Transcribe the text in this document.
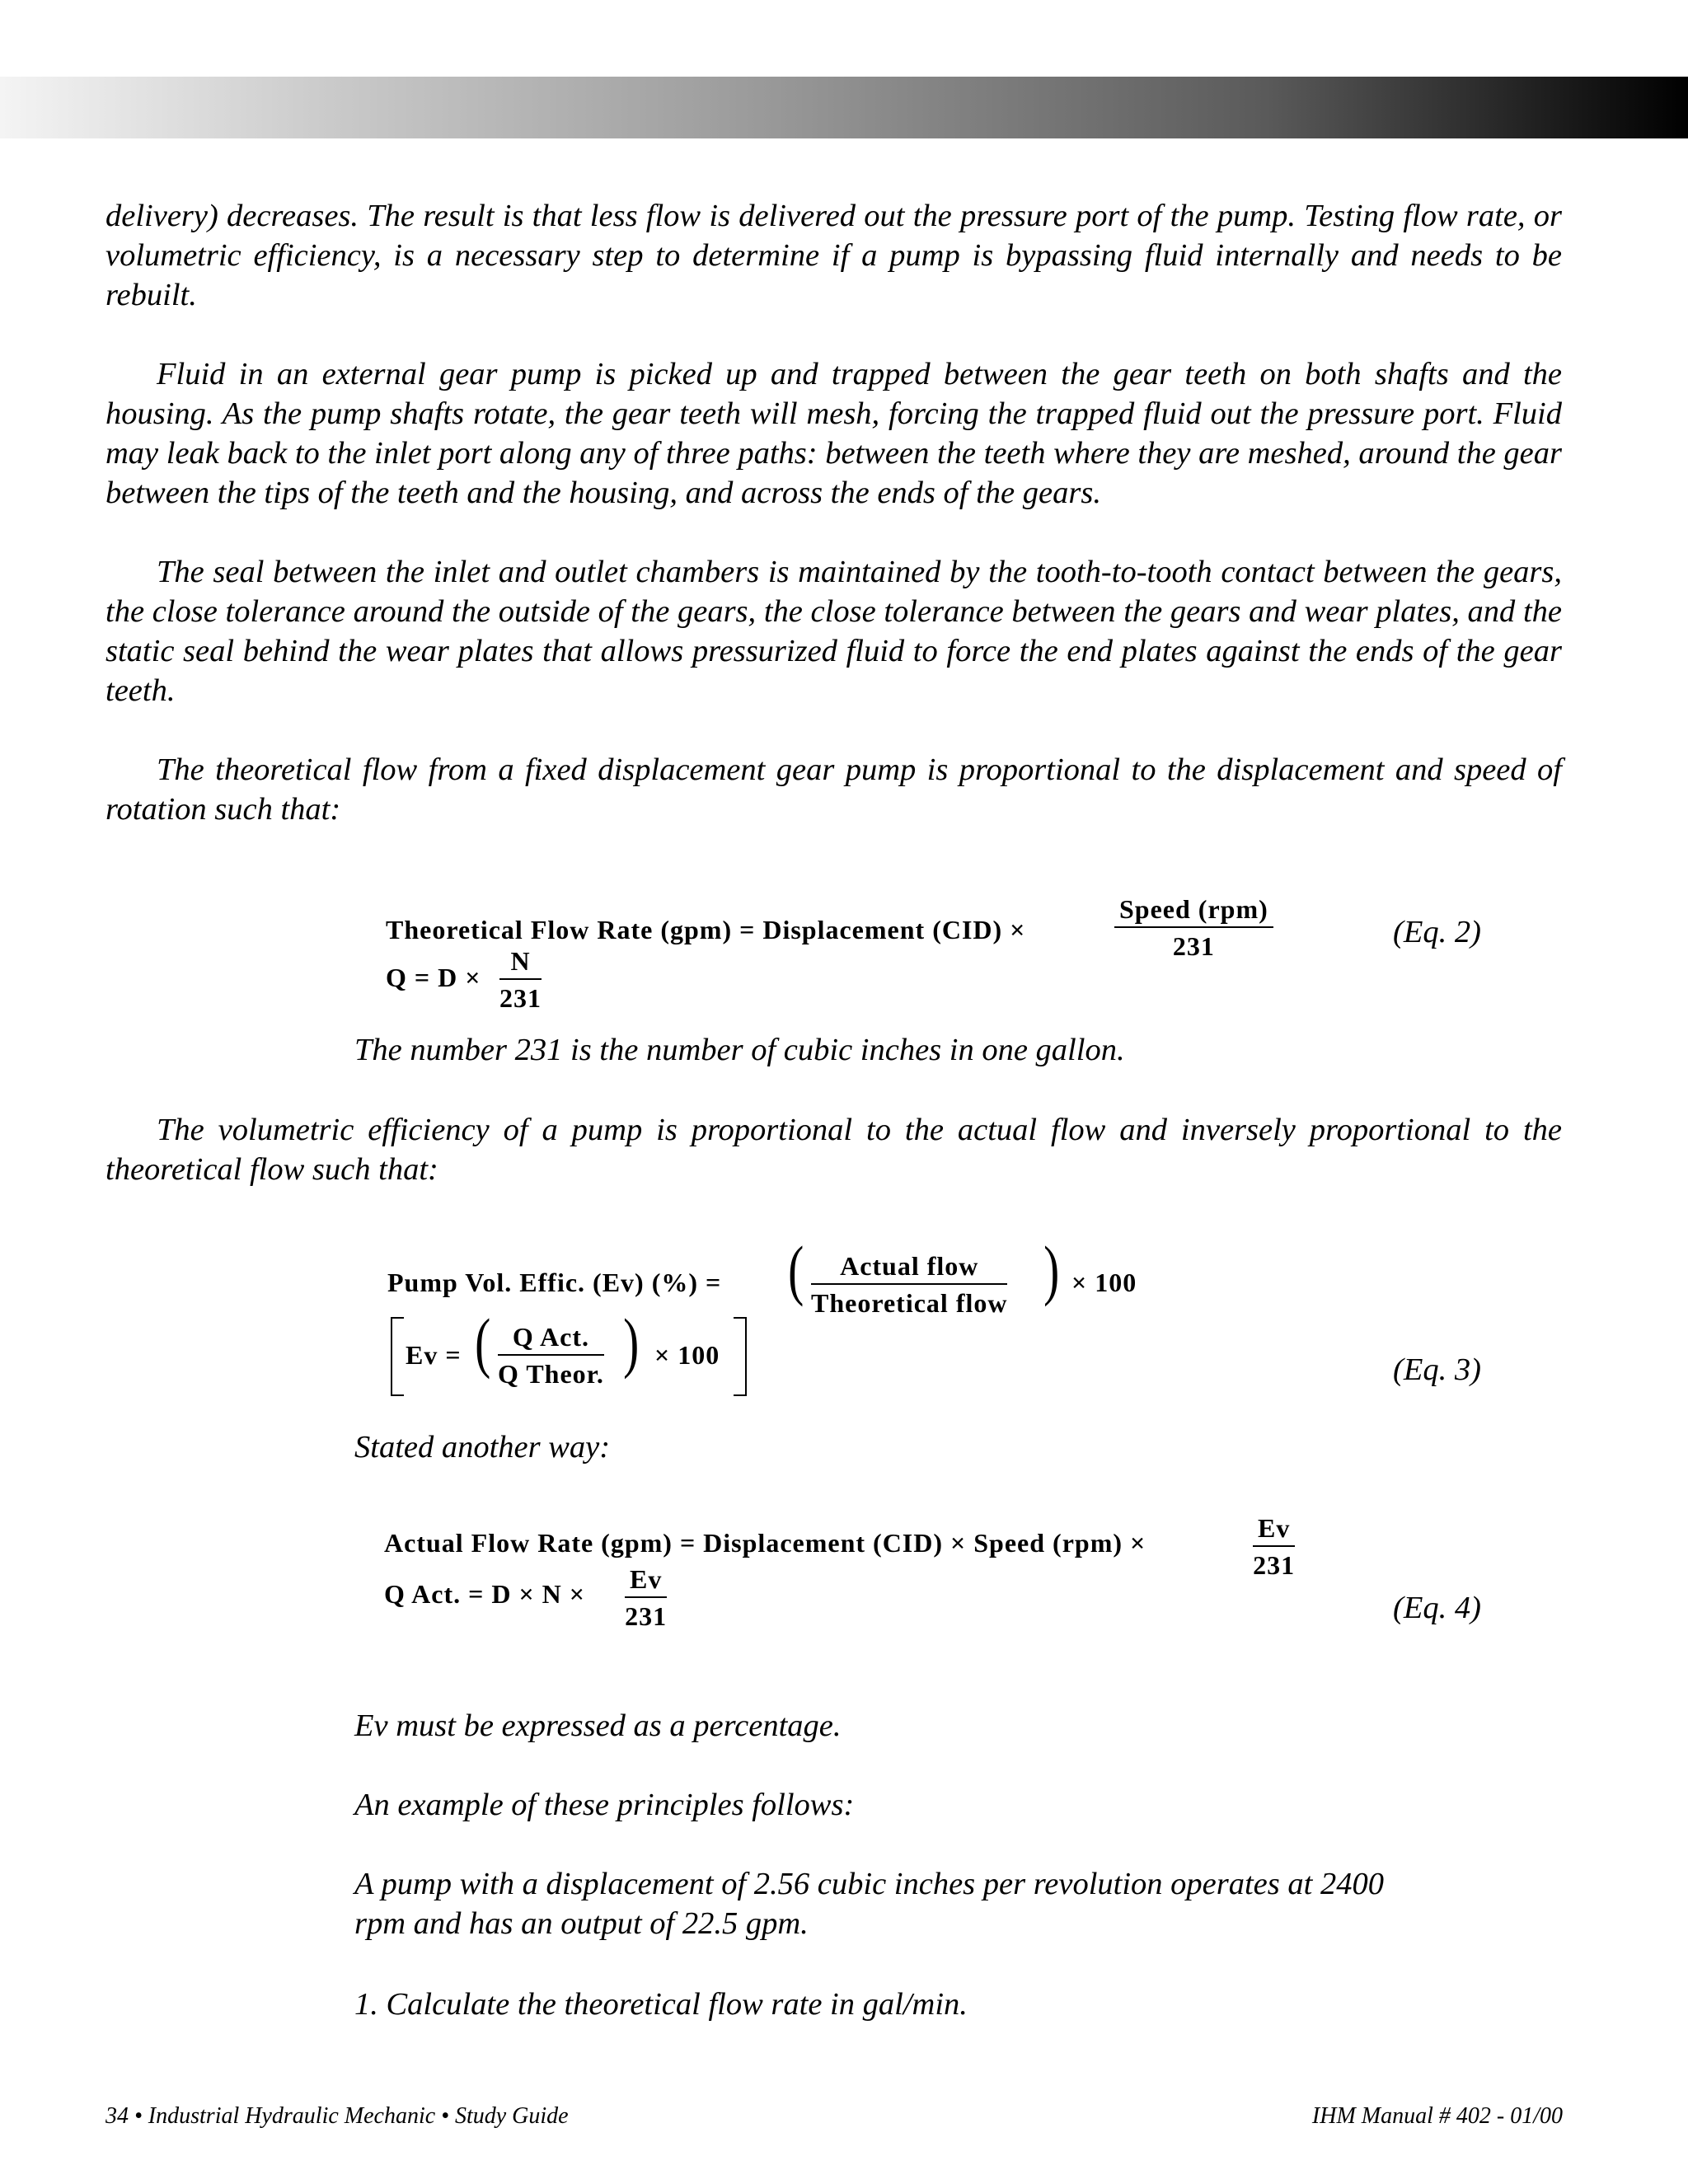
delivery) decreases. The result is that less flow is delivered out the pressure port of the pump. Testing flow rate, or volumetric efficiency, is a necessary step to determine if a pump is bypassing fluid internally and needs to be rebuilt.

Fluid in an external gear pump is picked up and trapped between the gear teeth on both shafts and the housing. As the pump shafts rotate, the gear teeth will mesh, forcing the trapped fluid out the pressure port. Fluid may leak back to the inlet port along any of three paths: between the teeth where they are meshed, around the gear between the tips of the teeth and the housing, and across the ends of the gears.

The seal between the inlet and outlet chambers is maintained by the tooth-to-tooth contact between the gears, the close tolerance around the outside of the gears, the close tolerance between the gears and wear plates, and the static seal behind the wear plates that allows pressurized fluid to force the end plates against the ends of the gear teeth.

The theoretical flow from a fixed displacement gear pump is proportional to the displacement and speed of rotation such that:

Theoretical Flow Rate (gpm) = Displacement (CID) ×
Speed (rpm)
231
$Q = D \times \frac{N}{231}$
(Eq. 2)

The number 231 is the number of cubic inches in one gallon.

The volumetric efficiency of a pump is proportional to the actual flow and inversely proportional to the theoretical flow such that:

Pump Vol. Effic. (Ev) (%) = (	Actual flow
Theoretical flow ) × 100
Ev = ( Q Act.
Q Theor. ) × 100	(Eq. 3)

Stated another way:

Actual Flow Rate (gpm) = Displacement (CID) × Speed (rpm) ×	$\frac{Ev}{231}$
Q Act. = $D \times N \times \frac{Ev}{231}$	(Eq. 4)

Ev must be expressed as a percentage.

An example of these principles follows:

A pump with a displacement of 2.56 cubic inches per revolution operates at 2400

rpm and has an output of 22.5 gpm.

1. Calculate the theoretical flow rate in gal/min.

34 • Industrial Hydraulic Mechanic • Study Guide	IHM Manual # 402 - 01/00
